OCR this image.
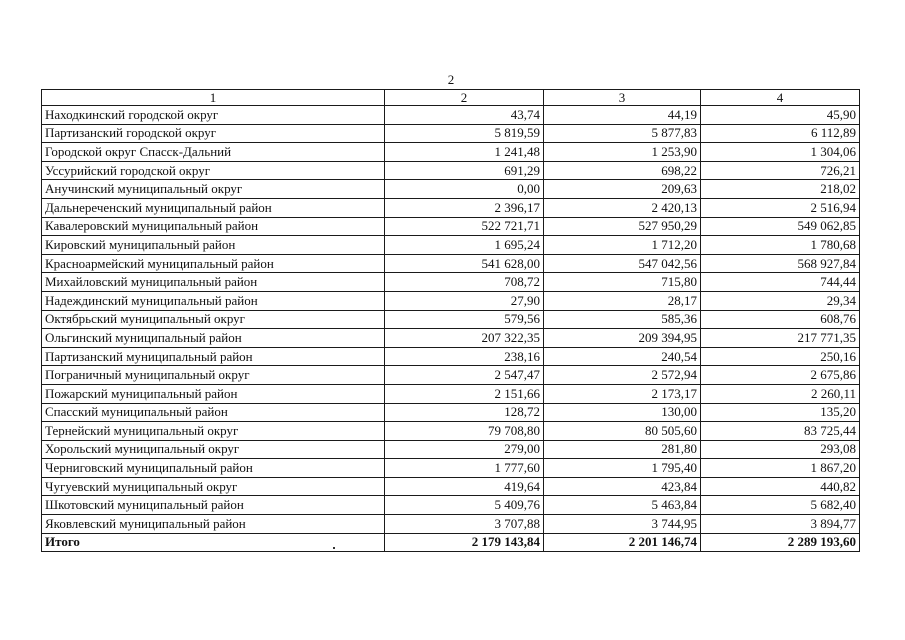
2
1	2	3	4
Находкинский городской округ	43,74	44,19	45,90
Партизанский городской округ	5 819,59	5 877,83	6 112,89
Городской округ Спасск-Дальний	1 241,48	1 253,90	1 304,06
Уссурийский городской округ	691,29	698,22	726,21
Анучинский муниципальный округ	0,00	209,63	218,02
Дальнереченский муниципальный район	2 396,17	2 420,13	2 516,94
Кавалеровский муниципальный район	522 721,71	527 950,29	549 062,85
Кировский муниципальный район	1 695,24	1 712,20	1 780,68
Красноармейский муниципальный район	541 628,00	547 042,56	568 927,84
Михайловский муниципальный район	708,72	715,80	744,44
Надеждинский муниципальный район	27,90	28,17	29,34
Октябрьский муниципальный округ	579,56	585,36	608,76
Ольгинский муниципальный район	207 322,35	209 394,95	217 771,35
Партизанский муниципальный район	238,16	240,54	250,16
Пограничный муниципальный округ	2 547,47	2 572,94	2 675,86
Пожарский муниципальный район	2 151,66	2 173,17	2 260,11
Спасский муниципальный район	128,72	130,00	135,20
Тернейский муниципальный округ	79 708,80	80 505,60	83 725,44
Хорольский муниципальный округ	279,00	281,80	293,08
Черниговский муниципальный район	1 777,60	1 795,40	1 867,20
Чугуевский муниципальный округ	419,64	423,84	440,82
Шкотовский муниципальный район	5 409,76	5 463,84	5 682,40
Яковлевский муниципальный район	3 707,88	3 744,95	3 894,77
Итого	2 179 143,84	2 201 146,74	2 289 193,60
